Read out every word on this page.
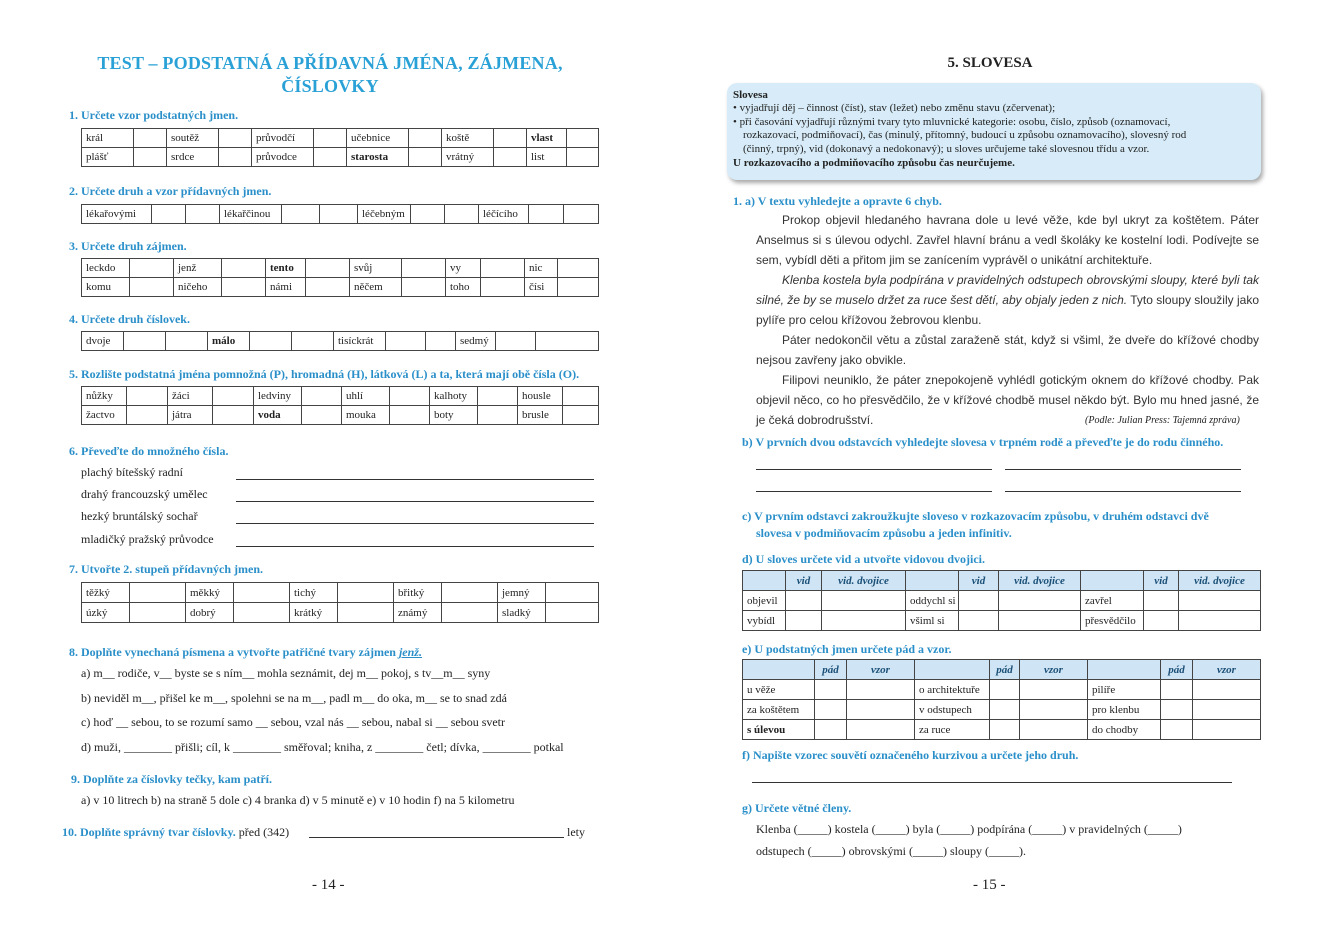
TEST – PODSTATNÁ A PŘÍDAVNÁ JMÉNA, ZÁJMENA,
ČÍSLOVKY
1. Určete vzor podstatných jmen.
král		soutěž		průvodčí		učebnice		koště		vlast	
plášť		srdce		průvodce		starosta		vrátný		list	
2. Určete druh a vzor přídavných jmen.
lékařovými			lékařčinou			léčebným			léčícího		
3. Určete druh zájmen.
leckdo		jenž		tento		svůj		vy		nic	
komu		ničeho		námi		něčem		toho		čísi	
4. Určete druh číslovek.
dvoje			málo			tisíckrát			sedmý		
5. Rozlište podstatná jména pomnožná (P), hromadná (H), látková (L) a ta, která mají obě čísla (O).
nůžky		žáci		ledviny		uhlí		kalhoty		housle	
žactvo		játra		voda		mouka		boty		brusle	
6. Převeďte do množného čísla.
plachý bítešský radní
drahý francouzský umělec
hezký bruntálský sochař
mladičký pražský průvodce
7. Utvořte 2. stupeň přídavných jmen.
těžký		měkký		tichý		břitký		jemný	
úzký		dobrý		krátký		známý		sladký	
8. Doplňte vynechaná písmena a vytvořte patřičné tvary zájmen jenž.
a) m__ rodiče, v__ byste se s ním__ mohla seznámit, dej m__ pokoj, s tv__m__ syny
b) neviděl m__, přišel ke m__, spolehni se na m__, padl m__ do oka, m__ se to snad zdá
c) hoď __ sebou, to se rozumí samo __ sebou, vzal nás __ sebou, nabal si __ sebou svetr
d) muži, ________ přišli; cíl, k ________ směřoval; kniha, z ________ četl; dívka, ________ potkal
9. Doplňte za číslovky tečky, kam patří.
a) v 10 litrech b) na straně 5 dole c) 4 branka d) v 5 minutě e) v 10 hodin f) na 5 kilometru
10. Doplňte správný tvar číslovky. před (342)	lety
- 14 -
5. SLOVESA
Slovesa
• vyjadřují děj – činnost (číst), stav (ležet) nebo změnu stavu (zčervenat);
• při časování vyjadřují různými tvary tyto mluvnické kategorie: osobu, číslo, způsob (oznamovací,
rozkazovací, podmiňovací), čas (minulý, přítomný, budoucí u způsobu oznamovacího), slovesný rod
(činný, trpný), vid (dokonavý a nedokonavý); u sloves určujeme také slovesnou třídu a vzor.
U rozkazovacího a podmiňovacího způsobu čas neurčujeme.
1. a) V textu vyhledejte a opravte 6 chyb.
Prokop objevil hledaného havrana dole u levé věže, kde byl ukryt za koštětem. Páter Anselmus si s úlevou odychl. Zavřel hlavní bránu a vedl školáky ke kostelní lodi. Podívejte se sem, vybídl děti a přitom jim se zanícením vyprávěl o unikátní architektuře.
Klenba kostela byla podpírána v pravidelných odstupech obrovskými sloupy, které byli tak silné, že by se muselo držet za ruce šest dětí, aby objaly jeden z nich. Tyto sloupy sloužily jako pylíře pro celou křížovou žebrovou klenbu.
Páter nedokončil větu a zůstal zaraženě stát, když si všiml, že dveře do křížové chodby nejsou zavřeny jako obvikle.
Filipovi neuniklo, že páter znepokojeně vyhlédl gotickým oknem do křížové chodby. Pak objevil něco, co ho přesvědčilo, že v křížové chodbě musel někdo být. Bylo mu hned jasné, že je čeká dobrodrušství.	(Podle: Julian Press: Tajemná zpráva)
b) V prvních dvou odstavcích vyhledejte slovesa v trpném rodě a převeďte je do rodu činného.
c) V prvním odstavci zakroužkujte sloveso v rozkazovacím způsobu, v druhém odstavci dvě
slovesa v podmiňovacím způsobu a jeden infinitiv.
d) U sloves určete vid a utvořte vidovou dvojici.
	vid	vid. dvojice		vid	vid. dvojice		vid	vid. dvojice
objevil			oddychl si			zavřel		
vybídl			všiml si			přesvědčilo		
e) U podstatných jmen určete pád a vzor.
	pád	vzor		pád	vzor		pád	vzor
u věže			o architektuře			pilíře		
za koštětem			v odstupech			pro klenbu		
s úlevou			za ruce			do chodby		
f) Napište vzorec souvětí označeného kurzivou a určete jeho druh.
g) Určete větné členy.
Klenba (_____) kostela (_____) byla (_____) podpírána (_____) v pravidelných (_____)
odstupech (_____) obrovskými (_____) sloupy (_____).
- 15 -
